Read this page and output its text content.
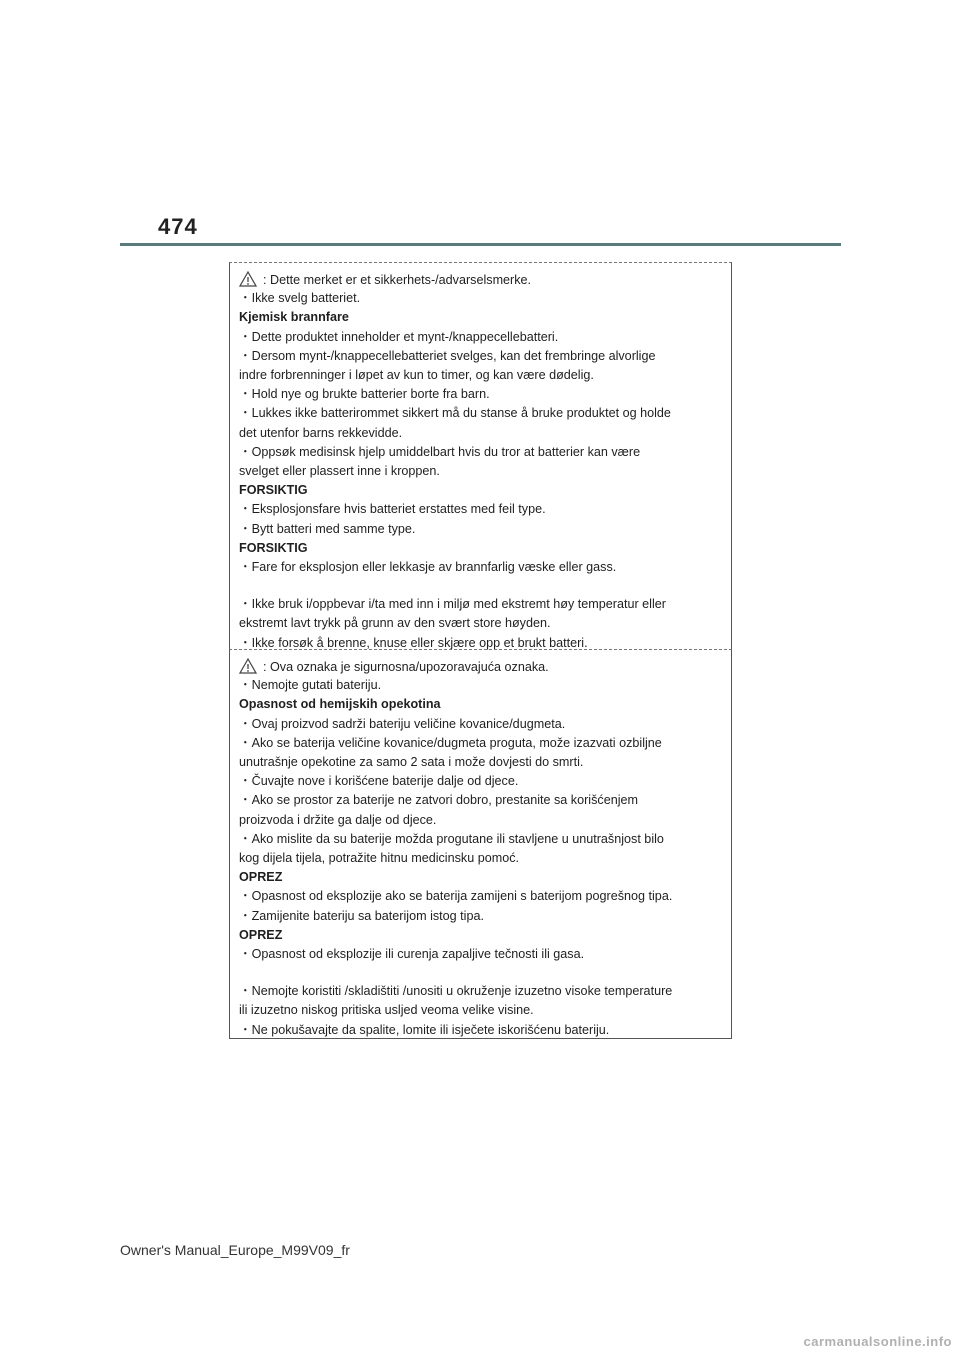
474
: Dette merket er et sikkerhets-/advarselsmerke.
・Ikke svelg batteriet.
Kjemisk brannfare
・Dette produktet inneholder et mynt-/knappecellebatteri.
・Dersom mynt-/knappecellebatteriet svelges, kan det frembringe alvorlige
indre forbrenninger i løpet av kun to timer, og kan være dødelig.
・Hold nye og brukte batterier borte fra barn.
・Lukkes ikke batterirommet sikkert må du stanse å bruke produktet og holde
det utenfor barns rekkevidde.
・Oppsøk medisinsk hjelp umiddelbart hvis du tror at batterier kan være
svelget eller plassert inne i kroppen.
FORSIKTIG
・Eksplosjonsfare hvis batteriet erstattes med feil type.
・Bytt batteri med samme type.
FORSIKTIG
・Fare for eksplosjon eller lekkasje av brannfarlig væske eller gass.
・Ikke bruk i/oppbevar i/ta med inn i miljø med ekstremt høy temperatur eller
ekstremt lavt trykk på grunn av den svært store høyden.
・Ikke forsøk å brenne, knuse eller skjære opp et brukt batteri.
: Ova oznaka je sigurnosna/upozoravajuća oznaka.
・Nemojte gutati bateriju.
Opasnost od hemijskih opekotina
・Ovaj proizvod sadrži bateriju veličine kovanice/dugmeta.
・Ako se baterija veličine kovanice/dugmeta proguta, može izazvati ozbiljne
unutrašnje opekotine za samo 2 sata i može dovjesti do smrti.
・Čuvajte nove i korišćene baterije dalje od djece.
・Ako se prostor za baterije ne zatvori dobro, prestanite sa korišćenjem
proizvoda i držite ga dalje od djece.
・Ako mislite da su baterije možda progutane ili stavljene u unutrašnjost bilo
kog dijela tijela, potražite hitnu medicinsku pomoć.
OPREZ
・Opasnost od eksplozije ako se baterija zamijeni s baterijom pogrešnog tipa.
・Zamijenite bateriju sa baterijom istog tipa.
OPREZ
・Opasnost od eksplozije ili curenja zapaljive tečnosti ili gasa.
・Nemojte koristiti /skladištiti /unositi u okruženje izuzetno visoke temperature
ili izuzetno niskog pritiska usljed veoma velike visine.
・Ne pokušavajte da spalite, lomite ili isječete iskorišćenu bateriju.
Owner's Manual_Europe_M99V09_fr
carmanualsonline.info
